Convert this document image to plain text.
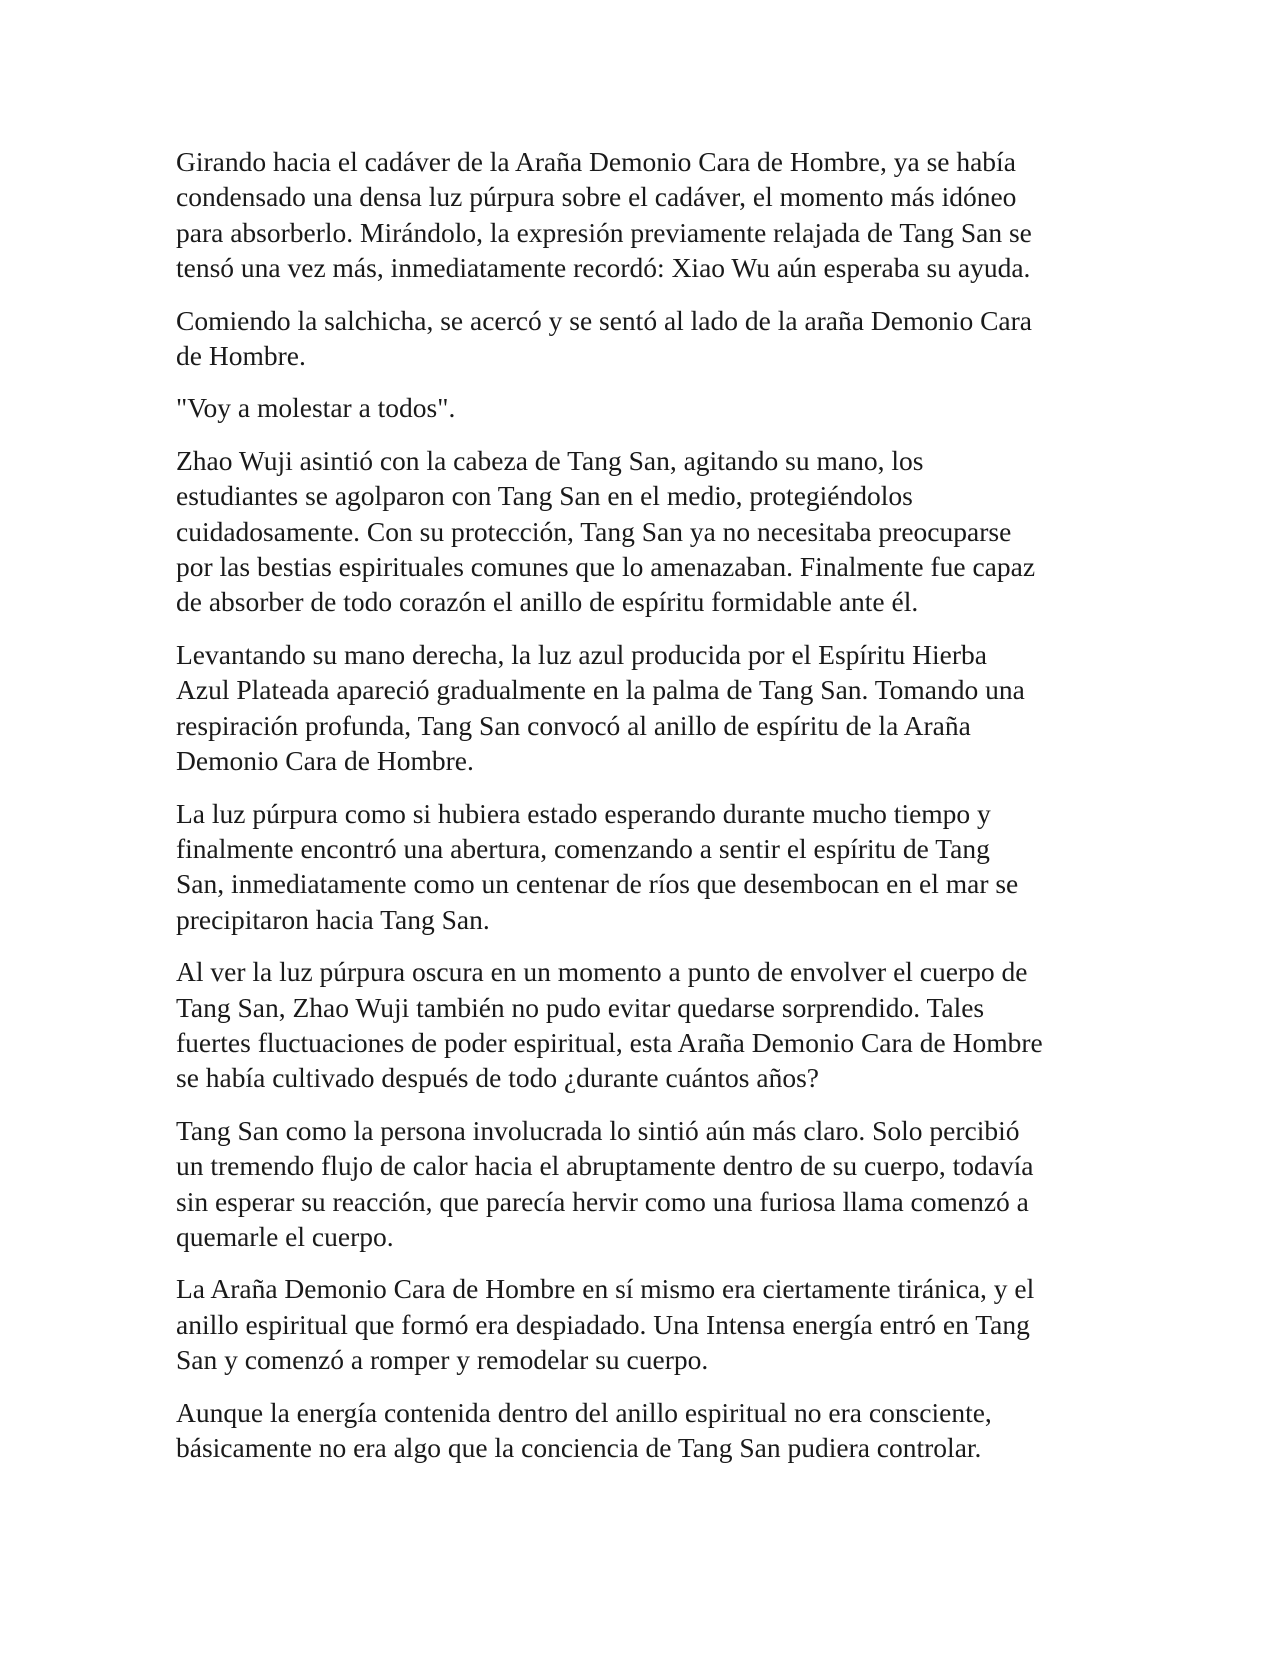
Girando hacia el cadáver de la Araña Demonio Cara de Hombre, ya se había
condensado una densa luz púrpura sobre el cadáver, el momento más idóneo
para absorberlo. Mirándolo, la expresión previamente relajada de Tang San se
tensó una vez más, inmediatamente recordó: Xiao Wu aún esperaba su ayuda.

Comiendo la salchicha, se acercó y se sentó al lado de la araña Demonio Cara
de Hombre.

"Voy a molestar a todos".

Zhao Wuji asintió con la cabeza de Tang San, agitando su mano, los
estudiantes se agolparon con Tang San en el medio, protegiéndolos
cuidadosamente. Con su protección, Tang San ya no necesitaba preocuparse
por las bestias espirituales comunes que lo amenazaban. Finalmente fue capaz
de absorber de todo corazón el anillo de espíritu formidable ante él.

Levantando su mano derecha, la luz azul producida por el Espíritu Hierba
Azul Plateada apareció gradualmente en la palma de Tang San. Tomando una
respiración profunda, Tang San convocó al anillo de espíritu de la Araña
Demonio Cara de Hombre.

La luz púrpura como si hubiera estado esperando durante mucho tiempo y
finalmente encontró una abertura, comenzando a sentir el espíritu de Tang
San, inmediatamente como un centenar de ríos que desembocan en el mar se
precipitaron hacia Tang San.

Al ver la luz púrpura oscura en un momento a punto de envolver el cuerpo de
Tang San, Zhao Wuji también no pudo evitar quedarse sorprendido. Tales
fuertes fluctuaciones de poder espiritual, esta Araña Demonio Cara de Hombre
se había cultivado después de todo ¿durante cuántos años?

Tang San como la persona involucrada lo sintió aún más claro. Solo percibió
un tremendo flujo de calor hacia el abruptamente dentro de su cuerpo, todavía
sin esperar su reacción, que parecía hervir como una furiosa llama comenzó a
quemarle el cuerpo.

La Araña Demonio Cara de Hombre en sí mismo era ciertamente tiránica, y el
anillo espiritual que formó era despiadado. Una Intensa energía entró en Tang
San y comenzó a romper y remodelar su cuerpo.

Aunque la energía contenida dentro del anillo espiritual no era consciente,
básicamente no era algo que la conciencia de Tang San pudiera controlar.
